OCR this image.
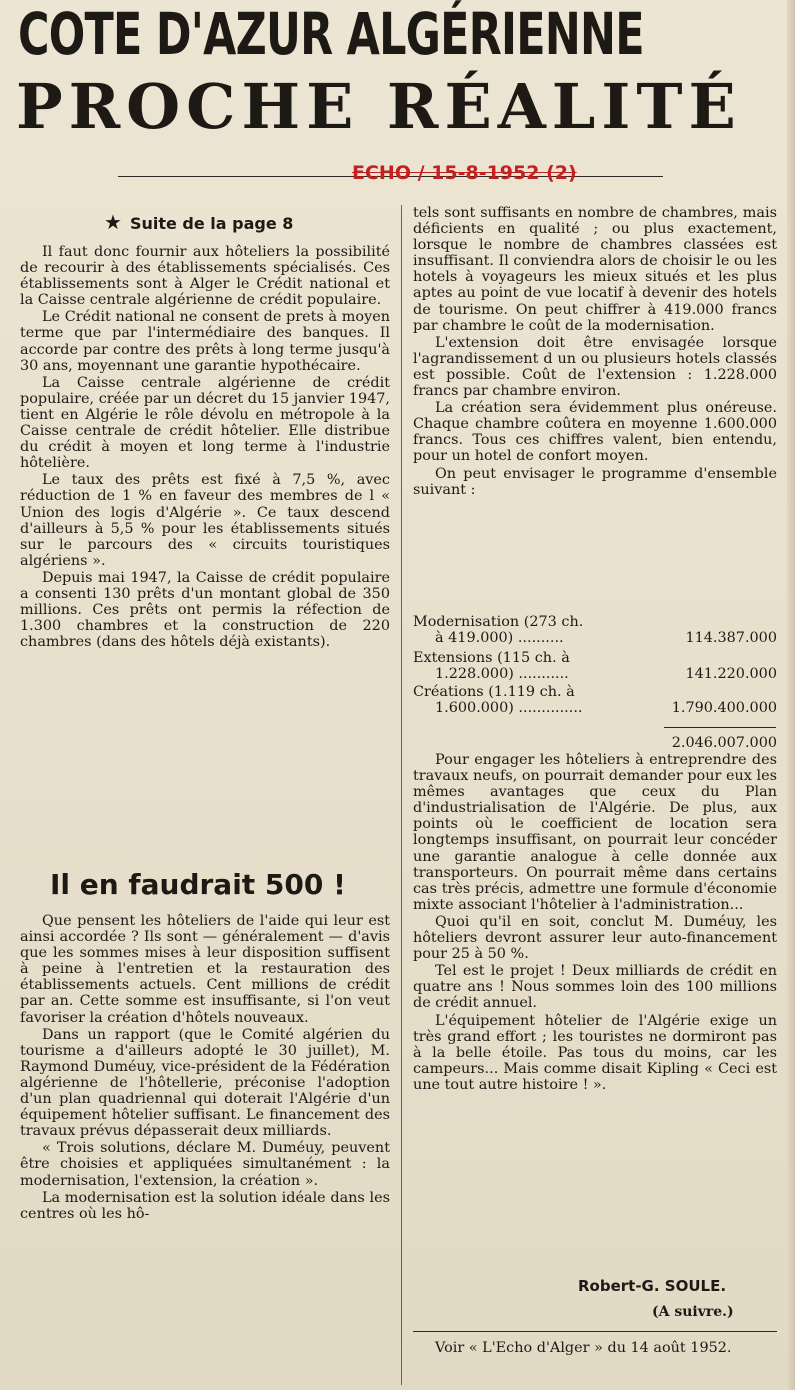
COTE D'AZUR ALGÉRIENNE
PROCHE RÉALITÉ
ECHO / 15-8-1952 (2)
★ Suite de la page 8

Il faut donc fournir aux hôteliers la possibilité de recourir à des établissements spécialisés. Ces établissements sont à Alger le Crédit national et la Caisse centrale algérienne de crédit populaire.

Le Crédit national ne consent de prets à moyen terme que par l'intermédiaire des banques. Il accorde par contre des prêts à long terme jusqu'à 30 ans, moyennant une garantie hypothécaire.

La Caisse centrale algérienne de crédit populaire, créée par un décret du 15 janvier 1947, tient en Algérie le rôle dévolu en métropole à la Caisse centrale de crédit hôtelier. Elle distribue du crédit à moyen et long terme à l'industrie hôtelière.

Le taux des prêts est fixé à 7,5 %, avec réduction de 1 % en faveur des membres de l « Union des logis d'Algérie ». Ce taux descend d'ailleurs à 5,5 % pour les établissements situés sur le parcours des « circuits touristiques algériens ».

Depuis mai 1947, la Caisse de crédit populaire a consenti 130 prêts d'un montant global de 350 millions. Ces prêts ont permis la réfection de 1.300 chambres et la construction de 220 chambres (dans des hôtels déjà existants).

Il en faudrait 500 !

Que pensent les hôteliers de l'aide qui leur est ainsi accordée ? Ils sont — généralement — d'avis que les sommes mises à leur disposition suffisent à peine à l'entretien et la restauration des établissements actuels. Cent millions de crédit par an. Cette somme est insuffisante, si l'on veut favoriser la création d'hôtels nouveaux.

Dans un rapport (que le Comité algérien du tourisme a d'ailleurs adopté le 30 juillet), M. Raymond Duméuy, vice-président de la Fédération algérienne de l'hôtellerie, préconise l'adoption d'un plan quadriennal qui doterait l'Algérie d'un équipement hôtelier suffisant. Le financement des travaux prévus dépasserait deux milliards.

« Trois solutions, déclare M. Duméuy, peuvent être choisies et appliquées simultanément : la modernisation, l'extension, la création ».

La modernisation est la solution idéale dans les centres où les hô-

tels sont suffisants en nombre de chambres, mais déficients en qualité ; ou plus exactement, lorsque le nombre de chambres classées est insuffisant. Il conviendra alors de choisir le ou les hotels à voyageurs les mieux situés et les plus aptes au point de vue locatif à devenir des hotels de tourisme. On peut chiffrer à 419.000 francs par chambre le coût de la modernisation.

L'extension doit être envisagée lorsque l'agrandissement d un ou plusieurs hotels classés est possible. Coût de l'extension : 1.228.000 francs par chambre environ.

La création sera évidemment plus onéreuse. Chaque chambre coûtera en moyenne 1.600.000 francs. Tous ces chiffres valent, bien entendu, pour un hotel de confort moyen.

On peut envisager le programme d'ensemble suivant :

Modernisation (273 ch.
à 419.000) ..........	114.387.000
Extensions (115 ch. à
1.228.000) ...........	141.220.000
Créations (1.119 ch. à
1.600.000) ..............	1.790.400.000
2.046.007.000

Pour engager les hôteliers à entreprendre des travaux neufs, on pourrait demander pour eux les mêmes avantages que ceux du Plan d'industrialisation de l'Algérie. De plus, aux points où le coefficient de location sera longtemps insuffisant, on pourrait leur concéder une garantie analogue à celle donnée aux transporteurs. On pourrait même dans certains cas très précis, admettre une formule d'économie mixte associant l'hôtelier à l'administration...

Quoi qu'il en soit, conclut M. Duméuy, les hôteliers devront assurer leur auto-financement pour 25 à 50 %.

Tel est le projet ! Deux milliards de crédit en quatre ans ! Nous sommes loin des 100 millions de crédit annuel.

L'équipement hôtelier de l'Algérie exige un très grand effort ; les touristes ne dormiront pas à la belle étoile. Pas tous du moins, car les campeurs... Mais comme disait Kipling « Ceci est une tout autre histoire ! ».

Robert-G. SOULE.
(A suivre.)

Voir « L'Echo d'Alger » du 14 août 1952.
